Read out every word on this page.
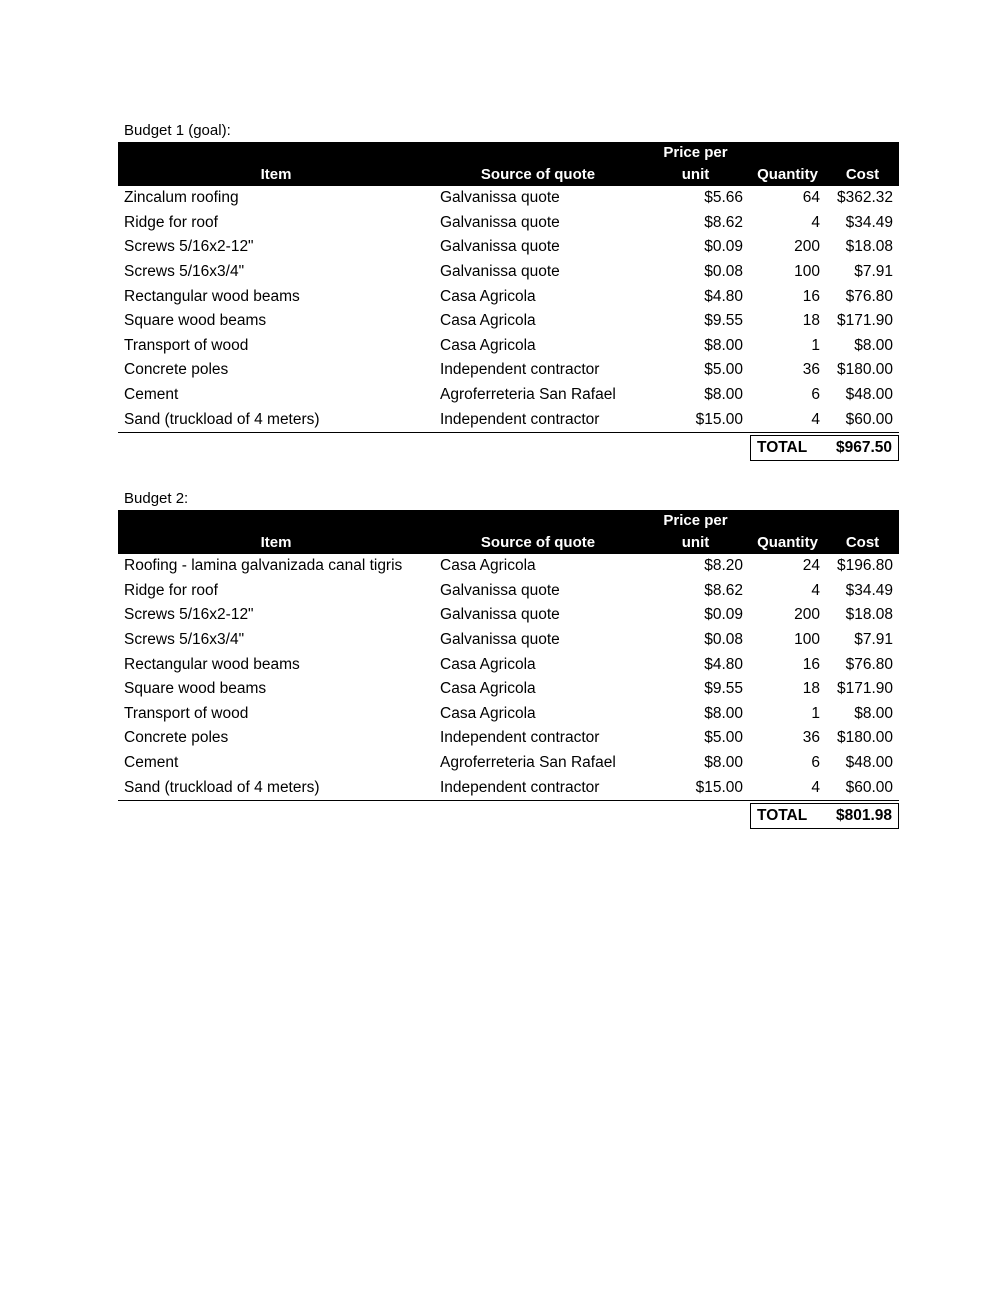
Budget 1 (goal):
Item	Source of quote	Price per
unit	Quantity	Cost
Zincalum roofing	Galvanissa quote	$5.66	64	$362.32
Ridge for roof	Galvanissa quote	$8.62	4	$34.49
Screws 5/16x2-12"	Galvanissa quote	$0.09	200	$18.08
Screws 5/16x3/4"	Galvanissa quote	$0.08	100	$7.91
Rectangular wood beams	Casa Agricola	$4.80	16	$76.80
Square wood beams	Casa Agricola	$9.55	18	$171.90
Transport of wood	Casa Agricola	$8.00	1	$8.00
Concrete poles	Independent contractor	$5.00	36	$180.00
Cement	Agroferreteria San Rafael	$8.00	6	$48.00
Sand (truckload of 4 meters)	Independent contractor	$15.00	4	$60.00
TOTAL $967.50
Budget 2:
Item	Source of quote	Price per
unit	Quantity	Cost
Roofing - lamina galvanizada canal tigris	Casa Agricola	$8.20	24	$196.80
Ridge for roof	Galvanissa quote	$8.62	4	$34.49
Screws 5/16x2-12"	Galvanissa quote	$0.09	200	$18.08
Screws 5/16x3/4"	Galvanissa quote	$0.08	100	$7.91
Rectangular wood beams	Casa Agricola	$4.80	16	$76.80
Square wood beams	Casa Agricola	$9.55	18	$171.90
Transport of wood	Casa Agricola	$8.00	1	$8.00
Concrete poles	Independent contractor	$5.00	36	$180.00
Cement	Agroferreteria San Rafael	$8.00	6	$48.00
Sand (truckload of 4 meters)	Independent contractor	$15.00	4	$60.00
TOTAL $801.98
